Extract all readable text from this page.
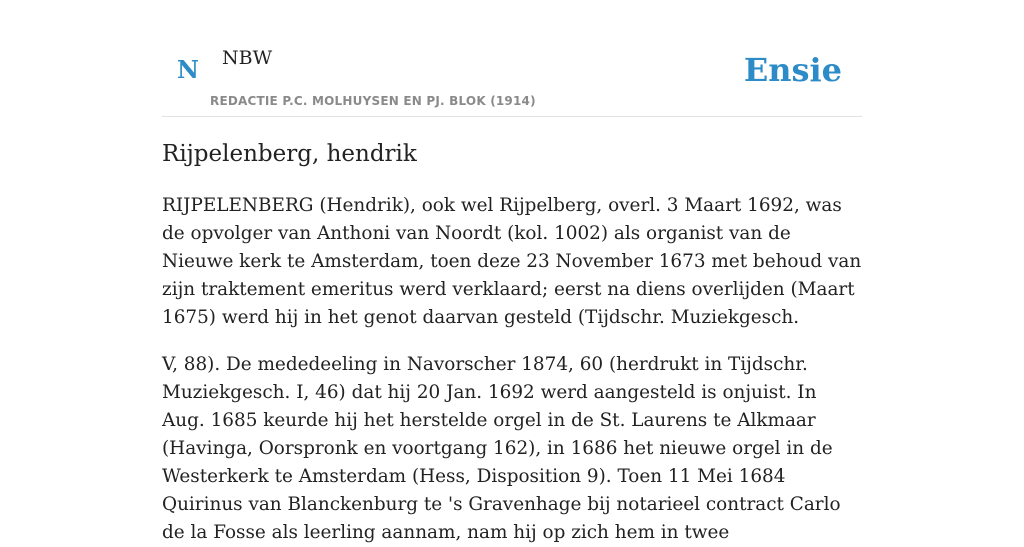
N NBW
REDACTIE P.C. MOLHUYSEN EN PJ. BLOK (1914)
Ensie
Rijpelenberg, hendrik

RIJPELENBERG (Hendrik), ook wel Rijpelberg, overl. 3 Maart 1692, was de opvolger van Anthoni van Noordt (kol. 1002) als organist van de Nieuwe kerk te Amsterdam, toen deze 23 November 1673 met behoud van zijn traktement emeritus werd verklaard; eerst na diens overlijden (Maart 1675) werd hij in het genot daarvan gesteld (Tijdschr. Muziekgesch.

V, 88). De mededeeling in Navorscher 1874, 60 (herdrukt in Tijdschr. Muziekgesch. I, 46) dat hij 20 Jan. 1692 werd aangesteld is onjuist. In Aug. 1685 keurde hij het herstelde orgel in de St. Laurens te Alkmaar (Havinga, Oorspronk en voortgang 162), in 1686 het nieuwe orgel in de Westerkerk te Amsterdam (Hess, Disposition 9). Toen 11 Mei 1684 Quirinus van Blanckenburg te 's Gravenhage bij notarieel contract Carlo de la Fosse als leerling aannam, nam hij op zich hem in twee
